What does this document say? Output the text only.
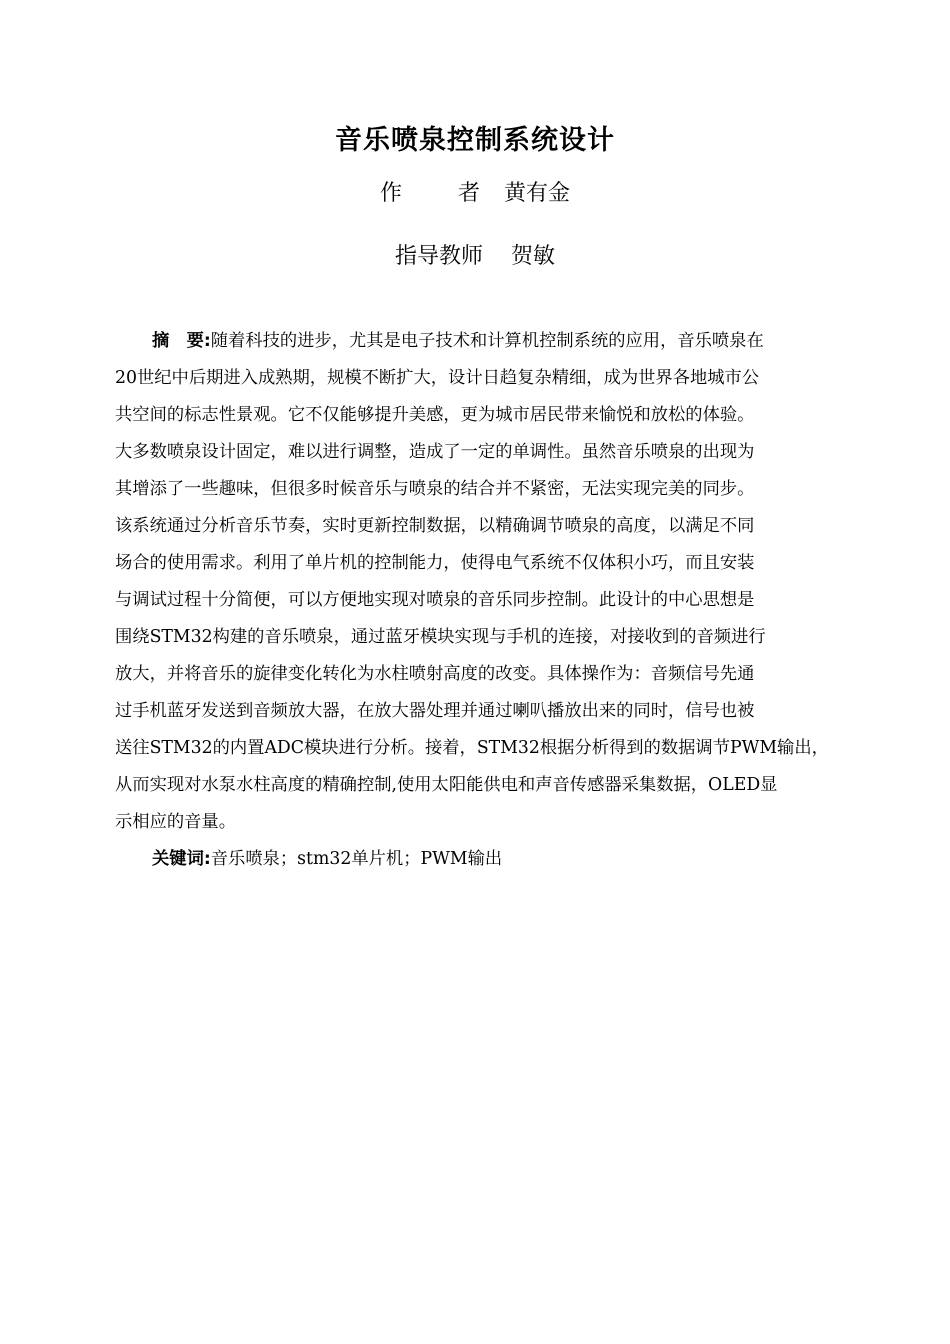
音乐喷泉控制系统设计
作	者 黄有金
指导教师 贺敏
摘　要:随着科技的进步，尤其是电子技术和计算机控制系统的应用，音乐喷泉在
20世纪中后期进入成熟期，规模不断扩大，设计日趋复杂精细，成为世界各地城市公
共空间的标志性景观。它不仅能够提升美感，更为城市居民带来愉悦和放松的体验。
大多数喷泉设计固定，难以进行调整，造成了一定的单调性。虽然音乐喷泉的出现为
其增添了一些趣味，但很多时候音乐与喷泉的结合并不紧密，无法实现完美的同步。
该系统通过分析音乐节奏，实时更新控制数据，以精确调节喷泉的高度，以满足不同
场合的使用需求。利用了单片机的控制能力，使得电气系统不仅体积小巧，而且安装
与调试过程十分简便，可以方便地实现对喷泉的音乐同步控制。此设计的中心思想是
围绕STM32构建的音乐喷泉，通过蓝牙模块实现与手机的连接，对接收到的音频进行
放大，并将音乐的旋律变化转化为水柱喷射高度的改变。具体操作为：音频信号先通
过手机蓝牙发送到音频放大器，在放大器处理并通过喇叭播放出来的同时，信号也被
送往STM32的内置ADC模块进行分析。接着，STM32根据分析得到的数据调节PWM输出，
从而实现对水泵水柱高度的精确控制,使用太阳能供电和声音传感器采集数据，OLED显
示相应的音量。
关键词:音乐喷泉；stm32单片机；PWM输出
